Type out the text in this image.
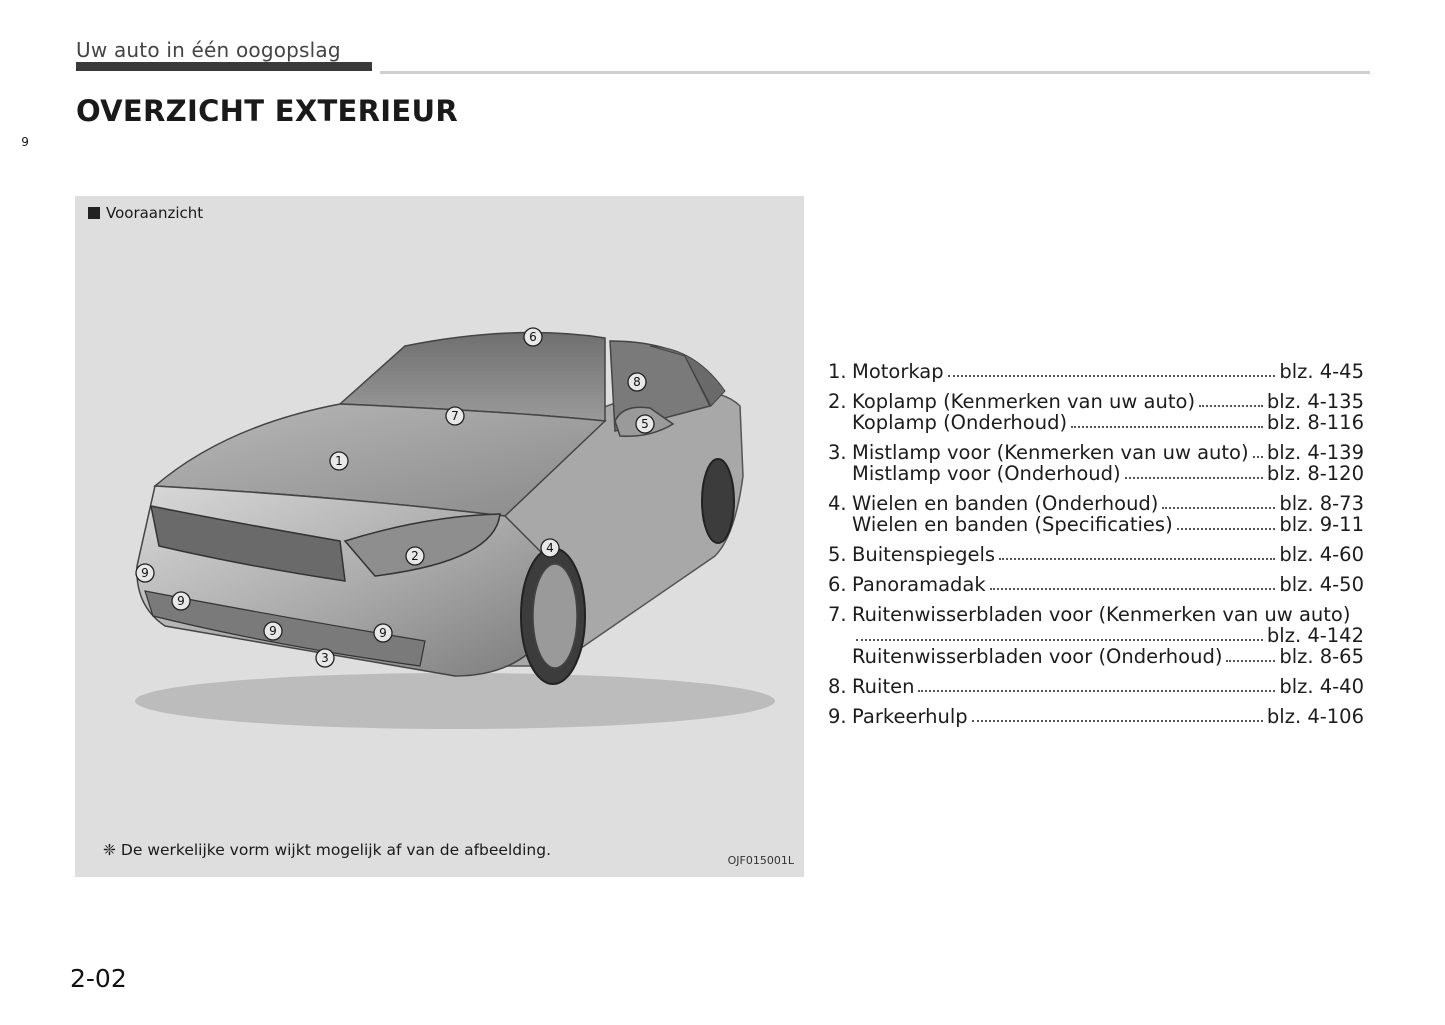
Uw auto in één oogopslag
OVERZICHT EXTERIEUR
1
2
3
4
5
6
7
8
9
9
9	9
9
Vooraanzicht
❈ De werkelijke vorm wijkt mogelijk af van de afbeelding.
OJF015001L
1. Motorkap	blz. 4-45
2. Koplamp (Kenmerken van uw auto)	blz. 4-135
Koplamp (Onderhoud)	blz. 8-116
3. Mistlamp voor (Kenmerken van uw auto) blz. 4-139
Mistlamp voor (Onderhoud)	blz. 8-120
4. Wielen en banden (Onderhoud)	blz. 8-73
Wielen en banden (Specificaties)	blz. 9-11
5. Buitenspiegels	blz. 4-60
6. Panoramadak	blz. 4-50
7. Ruitenwisserbladen voor (Kenmerken van uw auto)
blz. 4-142
Ruitenwisserbladen voor (Onderhoud)	blz. 8-65
8. Ruiten	blz. 4-40
9. Parkeerhulp	blz. 4-106
2-02
